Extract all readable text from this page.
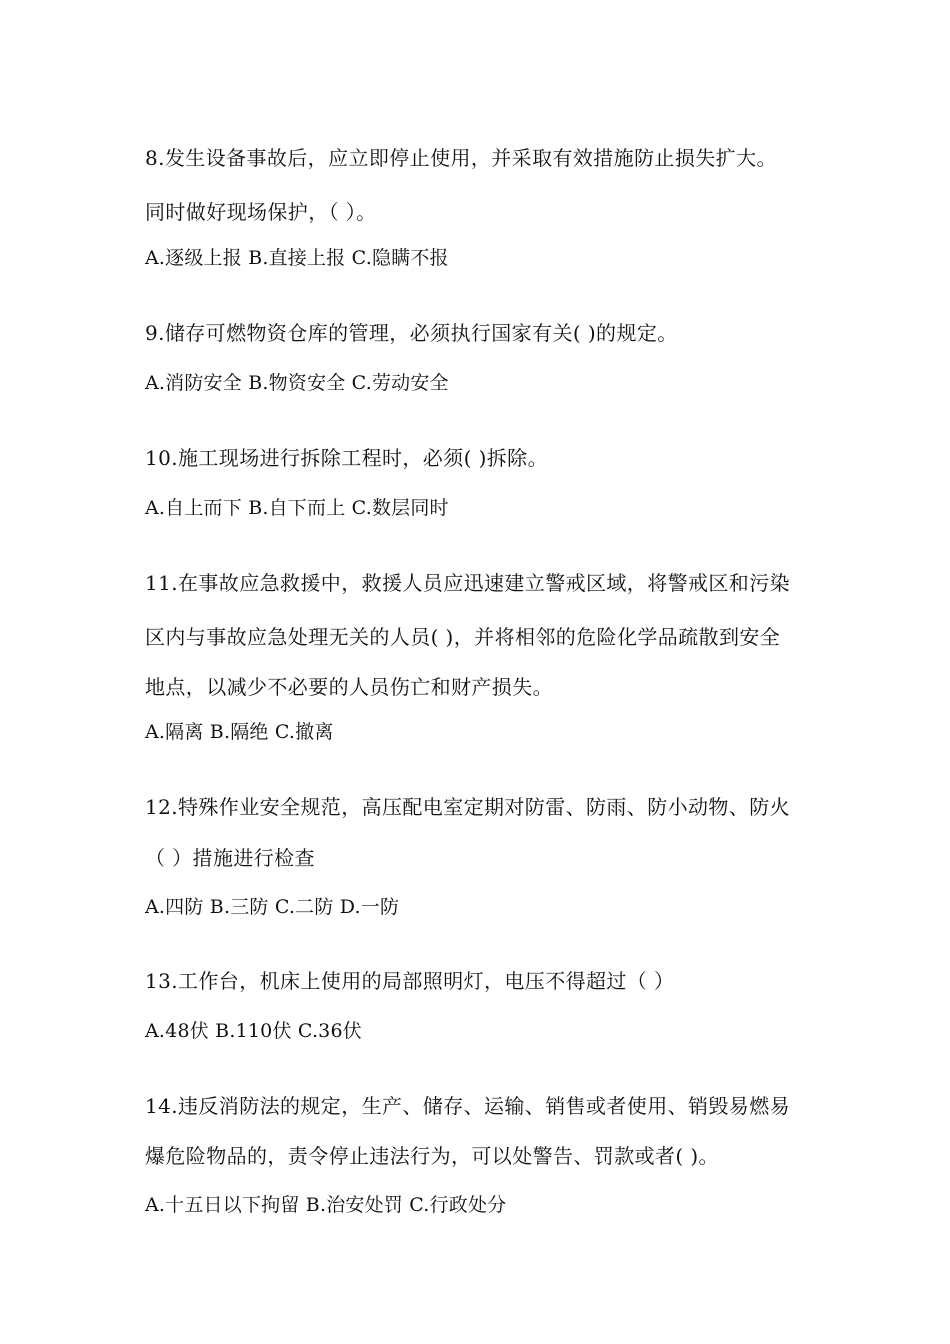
8.发生设备事故后，应立即停止使用，并采取有效措施防止损失扩大。
同时做好现场保护，（ ）。
A.逐级上报 B.直接上报 C.隐瞒不报
9.储存可燃物资仓库的管理，必须执行国家有关( )的规定。
A.消防安全 B.物资安全 C.劳动安全
10.施工现场进行拆除工程时，必须( )拆除。
A.自上而下 B.自下而上 C.数层同时
11.在事故应急救援中，救援人员应迅速建立警戒区域，将警戒区和污染
区内与事故应急处理无关的人员( )，并将相邻的危险化学品疏散到安全
地点，以减少不必要的人员伤亡和财产损失。
A.隔离 B.隔绝 C.撤离
12.特殊作业安全规范，高压配电室定期对防雷、防雨、防小动物、防火
（ ）措施进行检查
A.四防 B.三防 C.二防 D.一防
13.工作台，机床上使用的局部照明灯，电压不得超过（ ）
A.48伏 B.110伏 C.36伏
14.违反消防法的规定，生产、储存、运输、销售或者使用、销毁易燃易
爆危险物品的，责令停止违法行为，可以处警告、罚款或者( )。
A.十五日以下拘留 B.治安处罚 C.行政处分
